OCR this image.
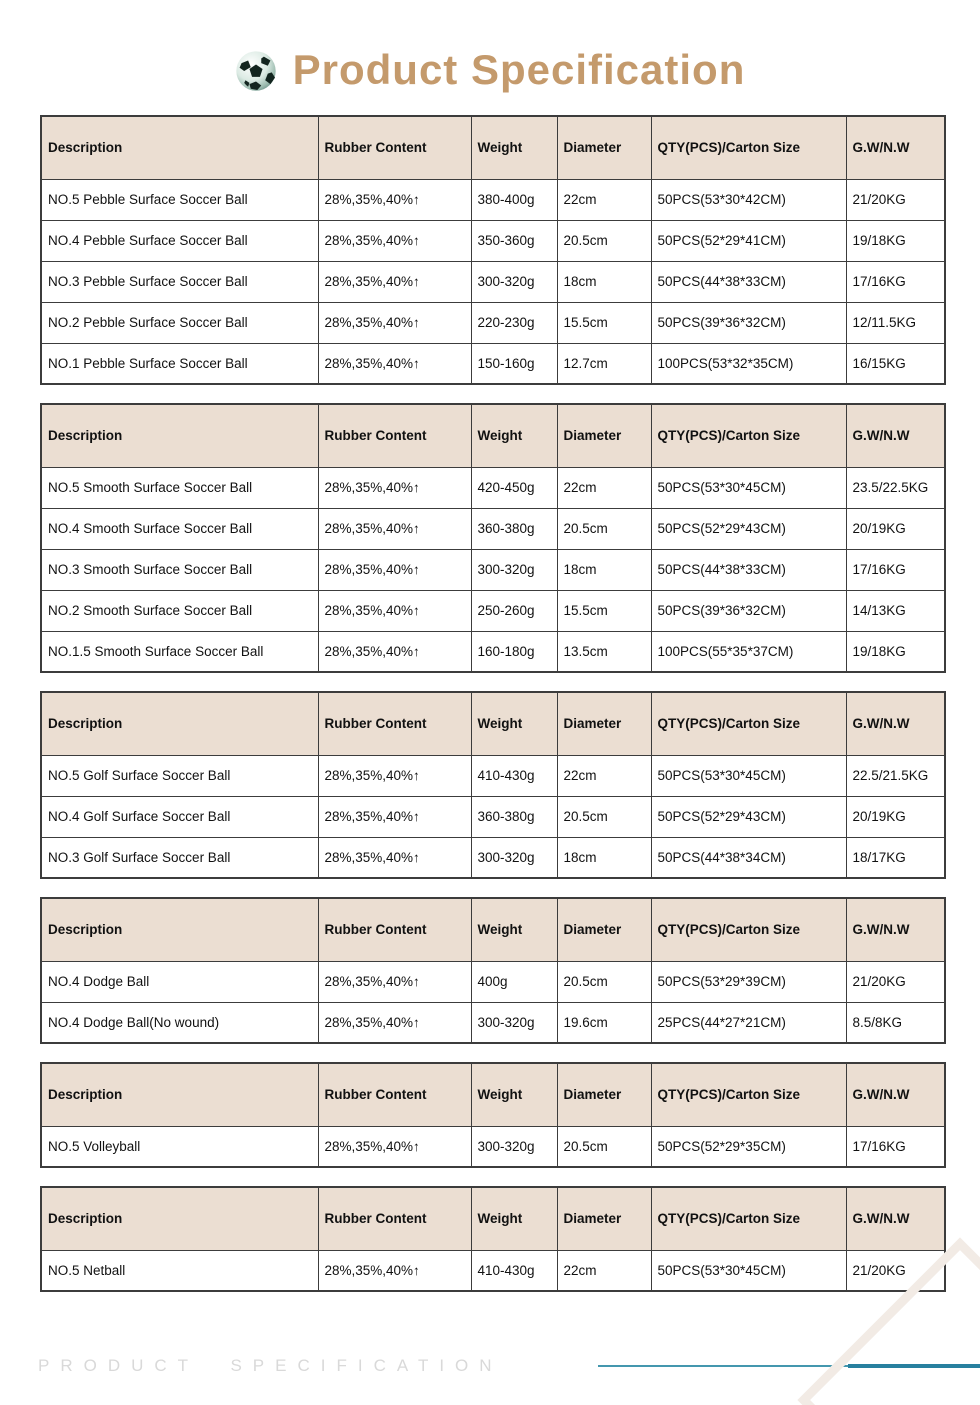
Product Specification
Description	Rubber Content	Weight	Diameter	QTY(PCS)/Carton Size	G.W/N.W
NO.5 Pebble Surface Soccer Ball	28%,35%,40%↑	380-400g	22cm	50PCS(53*30*42CM)	21/20KG
NO.4 Pebble Surface Soccer Ball	28%,35%,40%↑	350-360g	20.5cm	50PCS(52*29*41CM)	19/18KG
NO.3 Pebble Surface Soccer Ball	28%,35%,40%↑	300-320g	18cm	50PCS(44*38*33CM)	17/16KG
NO.2 Pebble Surface Soccer Ball	28%,35%,40%↑	220-230g	15.5cm	50PCS(39*36*32CM)	12/11.5KG
NO.1 Pebble Surface Soccer Ball	28%,35%,40%↑	150-160g	12.7cm	100PCS(53*32*35CM)	16/15KG
Description	Rubber Content	Weight	Diameter	QTY(PCS)/Carton Size	G.W/N.W
NO.5 Smooth Surface Soccer Ball	28%,35%,40%↑	420-450g	22cm	50PCS(53*30*45CM)	23.5/22.5KG
NO.4 Smooth Surface Soccer Ball	28%,35%,40%↑	360-380g	20.5cm	50PCS(52*29*43CM)	20/19KG
NO.3 Smooth Surface Soccer Ball	28%,35%,40%↑	300-320g	18cm	50PCS(44*38*33CM)	17/16KG
NO.2 Smooth Surface Soccer Ball	28%,35%,40%↑	250-260g	15.5cm	50PCS(39*36*32CM)	14/13KG
NO.1.5 Smooth Surface Soccer Ball	28%,35%,40%↑	160-180g	13.5cm	100PCS(55*35*37CM)	19/18KG
Description	Rubber Content	Weight	Diameter	QTY(PCS)/Carton Size	G.W/N.W
NO.5 Golf Surface Soccer Ball	28%,35%,40%↑	410-430g	22cm	50PCS(53*30*45CM)	22.5/21.5KG
NO.4 Golf Surface Soccer Ball	28%,35%,40%↑	360-380g	20.5cm	50PCS(52*29*43CM)	20/19KG
NO.3 Golf Surface Soccer Ball	28%,35%,40%↑	300-320g	18cm	50PCS(44*38*34CM)	18/17KG
Description	Rubber Content	Weight	Diameter	QTY(PCS)/Carton Size	G.W/N.W
NO.4 Dodge Ball	28%,35%,40%↑	400g	20.5cm	50PCS(53*29*39CM)	21/20KG
NO.4 Dodge Ball(No wound)	28%,35%,40%↑	300-320g	19.6cm	25PCS(44*27*21CM)	8.5/8KG
Description	Rubber Content	Weight	Diameter	QTY(PCS)/Carton Size	G.W/N.W
NO.5 Volleyball	28%,35%,40%↑	300-320g	20.5cm	50PCS(52*29*35CM)	17/16KG
Description	Rubber Content	Weight	Diameter	QTY(PCS)/Carton Size	G.W/N.W
NO.5 Netball	28%,35%,40%↑	410-430g	22cm	50PCS(53*30*45CM)	21/20KG
PRODUCT SPECIFICATION
